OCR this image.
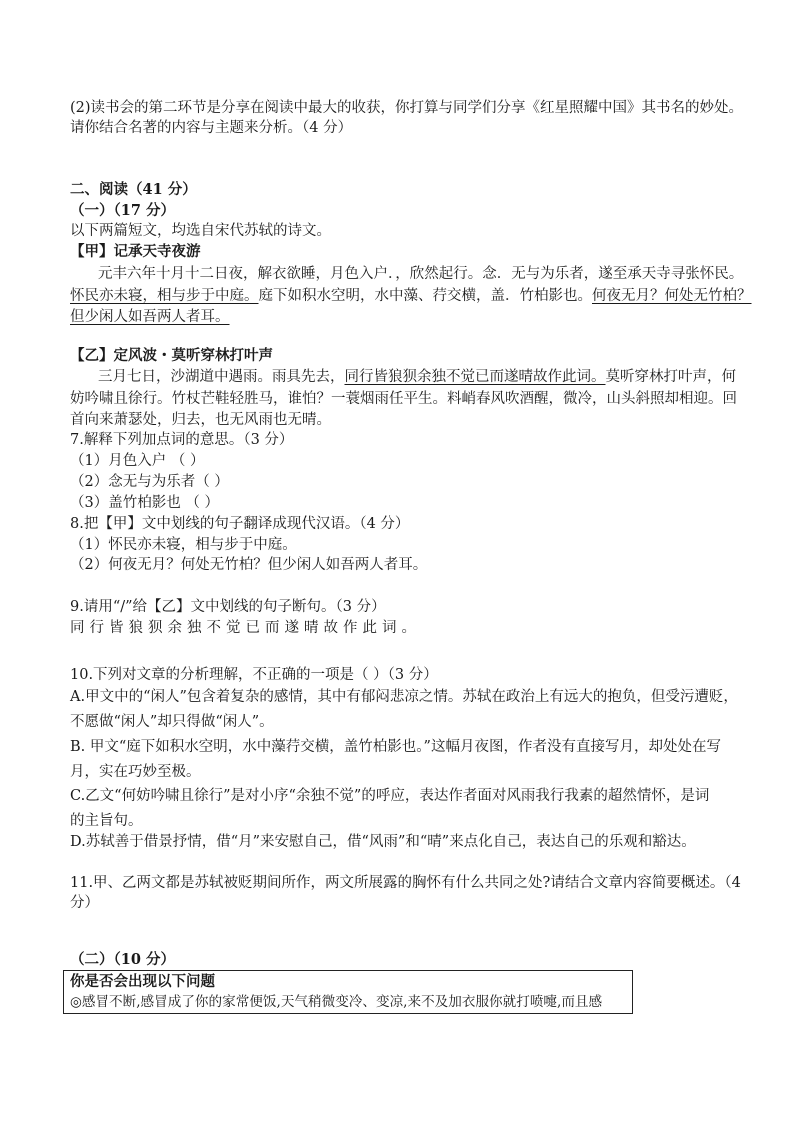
(2)读书会的第二环节是分享在阅读中最大的收获，你打算与同学们分享《红星照耀中国》其书名的妙处。
请你结合名著的内容与主题来分析。（4 分）
二、阅读（41 分）
（一）（17 分）
以下两篇短文，均选自宋代苏轼的诗文。
【甲】记承天寺夜游
元丰六年十月十二日夜，解衣欲睡，月色入户．，欣然起行。念．无与为乐者，遂至承天寺寻张怀民。
怀民亦未寝，相与步于中庭。庭下如积水空明，水中藻、荇交横，盖．竹柏影也。何夜无月？何处无竹柏？
但少闲人如吾两人者耳。
【乙】定风波・莫听穿林打叶声
三月七日，沙湖道中遇雨。雨具先去，同行皆狼狈余独不觉已而遂晴故作此词。莫听穿林打叶声，何
妨吟啸且徐行。竹杖芒鞋轻胜马，谁怕？一蓑烟雨任平生。料峭春风吹酒醒，微冷，山头斜照却相迎。回
首向来萧瑟处，归去，也无风雨也无晴。
7.解释下列加点词的意思。（3 分）
（1）月色入户 （ ）
（2）念无与为乐者（ ）
（3）盖竹柏影也 （ ）
8.把【甲】文中划线的句子翻译成现代汉语。（4 分）
（1）怀民亦未寝，相与步于中庭。
（2）何夜无月？何处无竹柏？但少闲人如吾两人者耳。
9.请用“/”给【乙】文中划线的句子断句。（3 分）
同行皆狼狈余独不觉已而遂晴故作此词。
10.下列对文章的分析理解，不正确的一项是（ ）（3 分）
A.甲文中的“闲人”包含着复杂的感情，其中有郁闷悲凉之情。苏轼在政治上有远大的抱负，但受污遭贬，
不愿做“闲人”却只得做“闲人”。
B. 甲文“庭下如积水空明，水中藻荇交横，盖竹柏影也。”这幅月夜图，作者没有直接写月，却处处在写
月，实在巧妙至极。
C.乙文“何妨吟啸且徐行”是对小序“余独不觉”的呼应，表达作者面对风雨我行我素的超然情怀，是词
的主旨句。
D.苏轼善于借景抒情，借“月”来安慰自己，借“风雨”和“晴”来点化自己，表达自己的乐观和豁达。
11.甲、乙两文都是苏轼被贬期间所作，两文所展露的胸怀有什么共同之处?请结合文章内容简要概述。（4
分）
（二）（10 分）
你是否会出现以下问题
◎感冒不断,感冒成了你的家常便饭,天气稍微变冷、变凉,来不及加衣服你就打喷嚏,而且感
